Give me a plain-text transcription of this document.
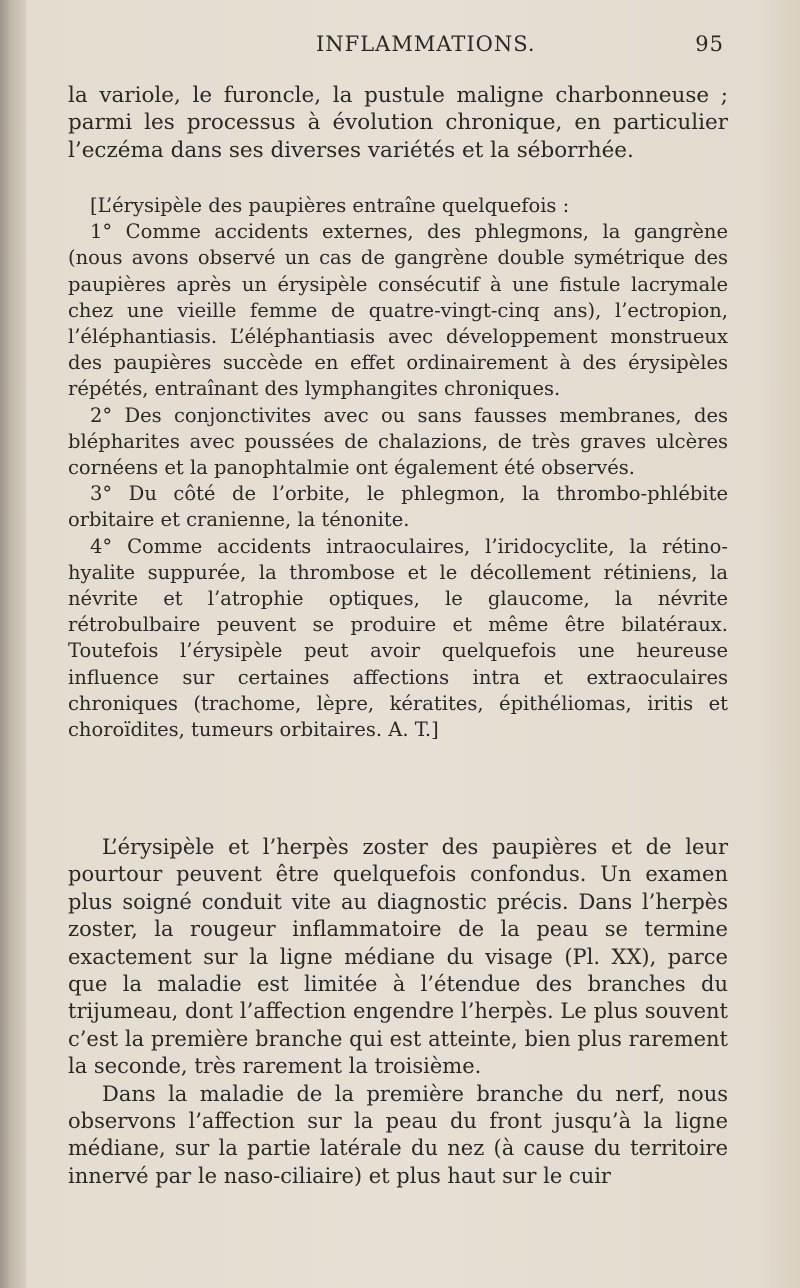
INFLAMMATIONS.	95

la variole, le furoncle, la pustule maligne charbonneuse ; parmi les processus à évolution chronique, en particulier l’eczéma dans ses diverses variétés et la séborrhée.

[L’érysipèle des paupières entraîne quelquefois :

1° Comme accidents externes, des phlegmons, la gangrène (nous avons observé un cas de gangrène double symétrique des paupières après un érysipèle consécutif à une fistule lacrymale chez une vieille femme de quatre-vingt-cinq ans), l’ectropion, l’éléphantiasis. L’éléphantiasis avec développement monstrueux des paupières succède en effet ordinairement à des érysipèles répétés, entraînant des lymphangites chroniques.

2° Des conjonctivites avec ou sans fausses membranes, des blépharites avec poussées de chalazions, de très graves ulcères cornéens et la panophtalmie ont également été observés.

3° Du côté de l’orbite, le phlegmon, la thrombo-phlébite orbitaire et cranienne, la ténonite.

4° Comme accidents intraoculaires, l’iridocyclite, la rétino-hyalite suppurée, la thrombose et le décollement rétiniens, la névrite et l’atrophie optiques, le glaucome, la névrite rétrobulbaire peuvent se produire et même être bilatéraux. Toutefois l’érysipèle peut avoir quelquefois une heureuse influence sur certaines affections intra et extraoculaires chroniques (trachome, lèpre, kératites, épithéliomas, iritis et choroïdites, tumeurs orbitaires. A. T.]

L’érysipèle et l’herpès zoster des paupières et de leur pourtour peuvent être quelquefois confondus. Un examen plus soigné conduit vite au diagnostic précis. Dans l’herpès zoster, la rougeur inflammatoire de la peau se termine exactement sur la ligne médiane du visage (Pl. XX), parce que la maladie est limitée à l’étendue des branches du trijumeau, dont l’affection engendre l’herpès. Le plus souvent c’est la première branche qui est atteinte, bien plus rarement la seconde, très rarement la troisième.

Dans la maladie de la première branche du nerf, nous observons l’affection sur la peau du front jusqu’à la ligne médiane, sur la partie latérale du nez (à cause du territoire innervé par le naso-ciliaire) et plus haut sur le cuir
